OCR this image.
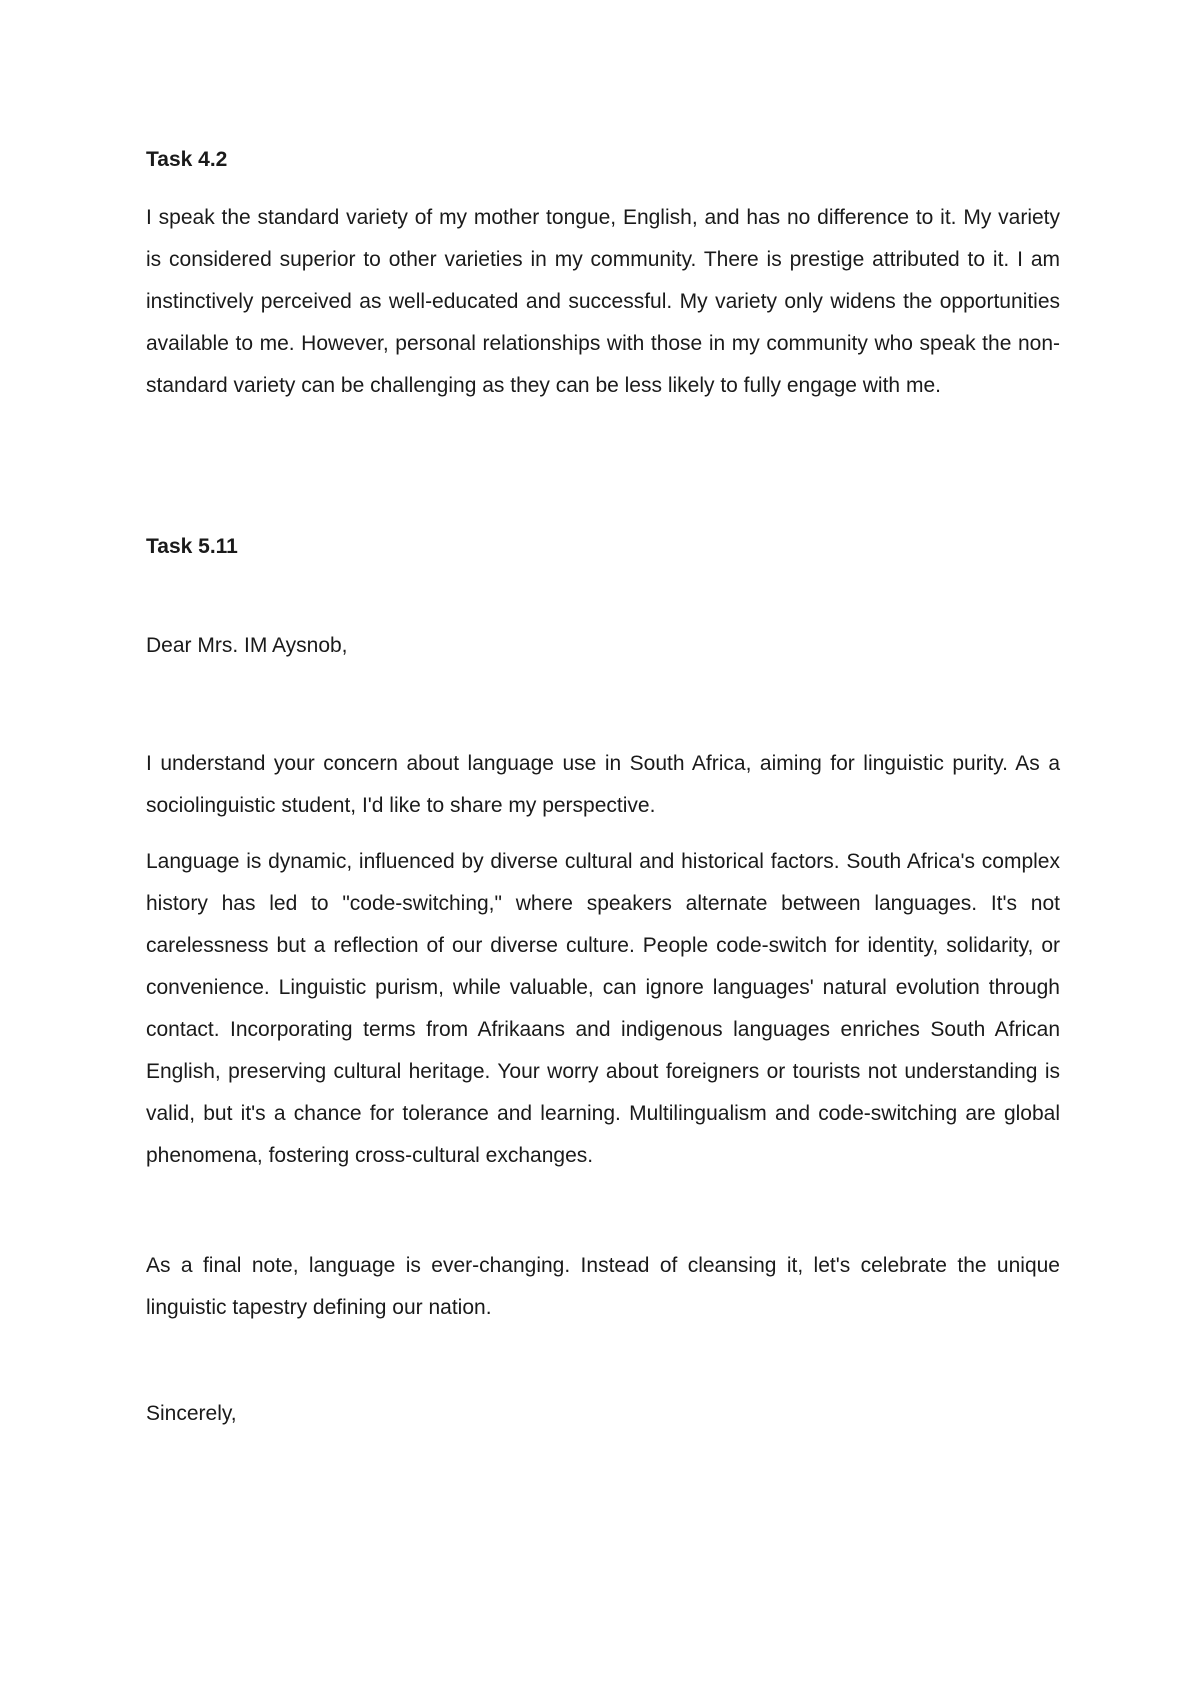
Task 4.2

I speak the standard variety of my mother tongue, English, and has no difference to it. My variety is considered superior to other varieties in my community. There is prestige attributed to it. I am instinctively perceived as well-educated and successful. My variety only widens the opportunities available to me. However, personal relationships with those in my community who speak the non-standard variety can be challenging as they can be less likely to fully engage with me.

Task 5.11

Dear Mrs. IM Aysnob,

I understand your concern about language use in South Africa, aiming for linguistic purity. As a sociolinguistic student, I'd like to share my perspective.

Language is dynamic, influenced by diverse cultural and historical factors. South Africa's complex history has led to "code-switching," where speakers alternate between languages. It's not carelessness but a reflection of our diverse culture. People code-switch for identity, solidarity, or convenience. Linguistic purism, while valuable, can ignore languages' natural evolution through contact. Incorporating terms from Afrikaans and indigenous languages enriches South African English, preserving cultural heritage. Your worry about foreigners or tourists not understanding is valid, but it's a chance for tolerance and learning. Multilingualism and code-switching are global phenomena, fostering cross-cultural exchanges.

As a final note, language is ever-changing. Instead of cleansing it, let's celebrate the unique linguistic tapestry defining our nation.

Sincerely,
